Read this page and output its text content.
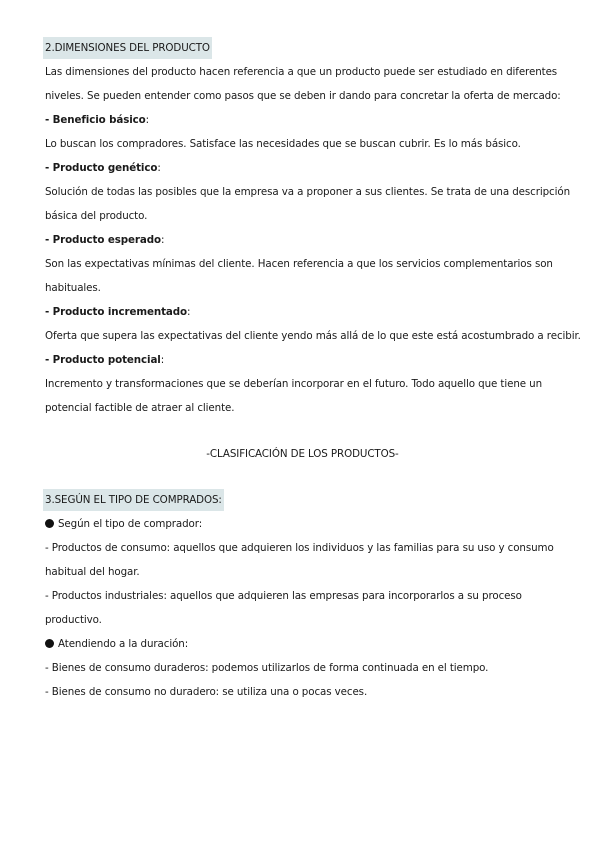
2.DIMENSIONES DEL PRODUCTO
Las dimensiones del producto hacen referencia a que un producto puede ser estudiado en diferentes
niveles. Se pueden entender como pasos que se deben ir dando para concretar la oferta de mercado:
- Beneficio básico:
Lo buscan los compradores. Satisface las necesidades que se buscan cubrir. Es lo más básico.
- Producto genético:
Solución de todas las posibles que la empresa va a proponer a sus clientes. Se trata de una descripción
básica del producto.
- Producto esperado:
Son las expectativas mínimas del cliente. Hacen referencia a que los servicios complementarios son
habituales.
- Producto incrementado:
Oferta que supera las expectativas del cliente yendo más allá de lo que este está acostumbrado a recibir.
- Producto potencial:
Incremento y transformaciones que se deberían incorporar en el futuro. Todo aquello que tiene un
potencial factible de atraer al cliente.
-CLASIFICACIÓN DE LOS PRODUCTOS-
3.SEGÚN EL TIPO DE COMPRADOS:
Según el tipo de comprador:
- Productos de consumo: aquellos que adquieren los individuos y las familias para su uso y consumo
habitual del hogar.
- Productos industriales: aquellos que adquieren las empresas para incorporarlos a su proceso
productivo.
Atendiendo a la duración:
- Bienes de consumo duraderos: podemos utilizarlos de forma continuada en el tiempo.
- Bienes de consumo no duradero: se utiliza una o pocas veces.
